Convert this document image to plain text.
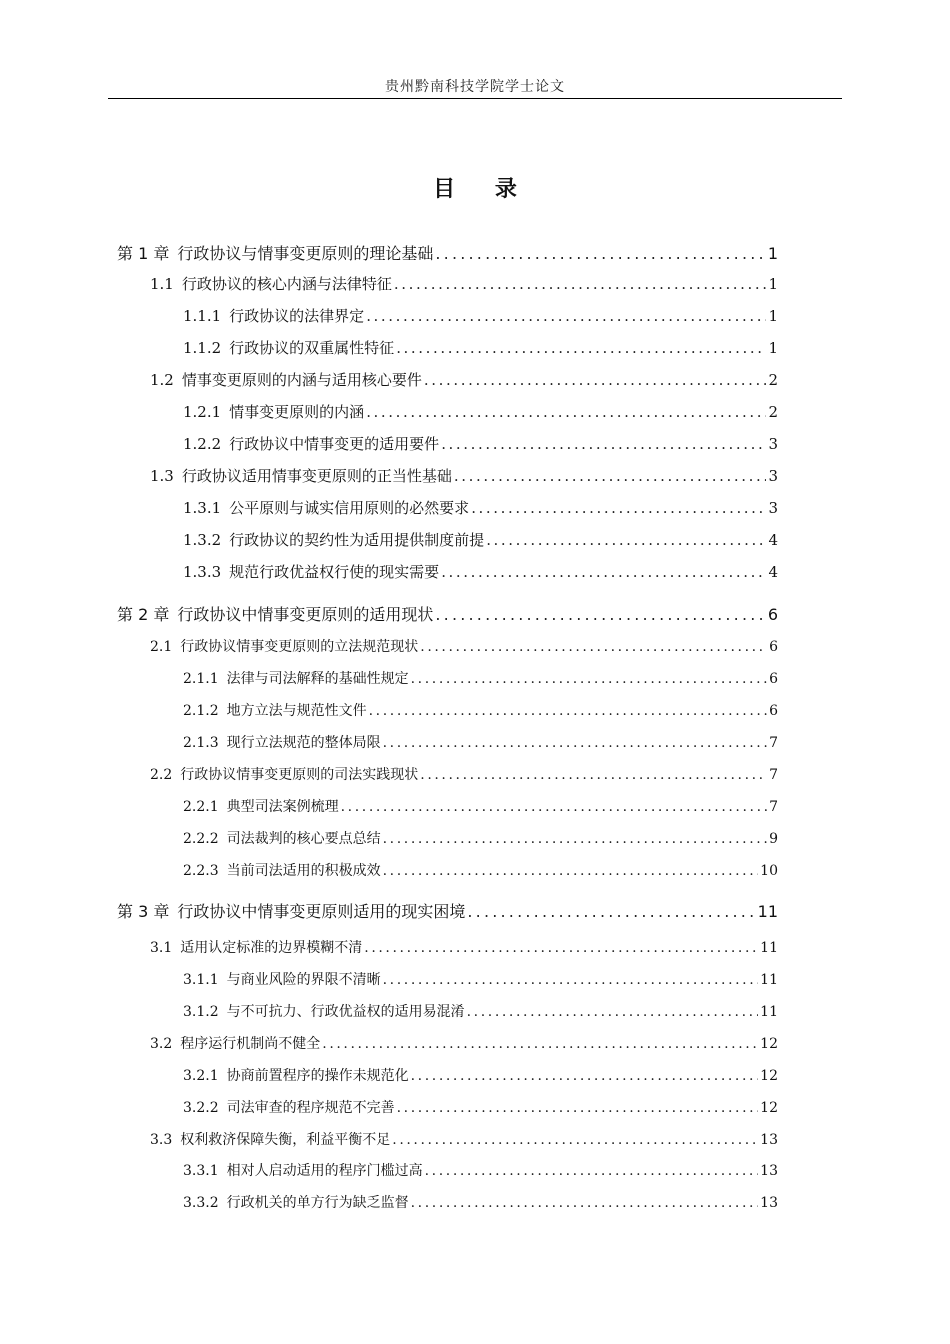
贵州黔南科技学院学士论文
目 录
第 1 章 行政协议与情事变更原则的理论基础 .....	1
1.1 行政协议的核心内涵与法律特征 .....	1
1.1.1 行政协议的法律界定 .....	1
1.1.2 行政协议的双重属性特征 .....	1
1.2 情事变更原则的内涵与适用核心要件 .....	2
1.2.1 情事变更原则的内涵 .....	2
1.2.2 行政协议中情事变更的适用要件 .....	3
1.3 行政协议适用情事变更原则的正当性基础 .....	3
1.3.1 公平原则与诚实信用原则的必然要求 .....	3
1.3.2 行政协议的契约性为适用提供制度前提 .....	4
1.3.3 规范行政优益权行使的现实需要 .....	4
第 2 章 行政协议中情事变更原则的适用现状 .....	6
2.1 行政协议情事变更原则的立法规范现状 .....	6
2.1.1 法律与司法解释的基础性规定 .....	6
2.1.2 地方立法与规范性文件 .....	6
2.1.3 现行立法规范的整体局限 .....	7
2.2 行政协议情事变更原则的司法实践现状 .....	7
2.2.1 典型司法案例梳理 .....	7
2.2.2 司法裁判的核心要点总结 .....	9
2.2.3 当前司法适用的积极成效 .....	10
第 3 章 行政协议中情事变更原则适用的现实困境 .....	11
3.1 适用认定标准的边界模糊不清 .....	11
3.1.1 与商业风险的界限不清晰 .....	11
3.1.2 与不可抗力、行政优益权的适用易混淆 .....	11
3.2 程序运行机制尚不健全 .....	12
3.2.1 协商前置程序的操作未规范化 .....	12
3.2.2 司法审查的程序规范不完善 .....	12
3.3 权利救济保障失衡，利益平衡不足 .....	13
3.3.1 相对人启动适用的程序门槛过高 .....	13
3.3.2 行政机关的单方行为缺乏监督 .....	13
